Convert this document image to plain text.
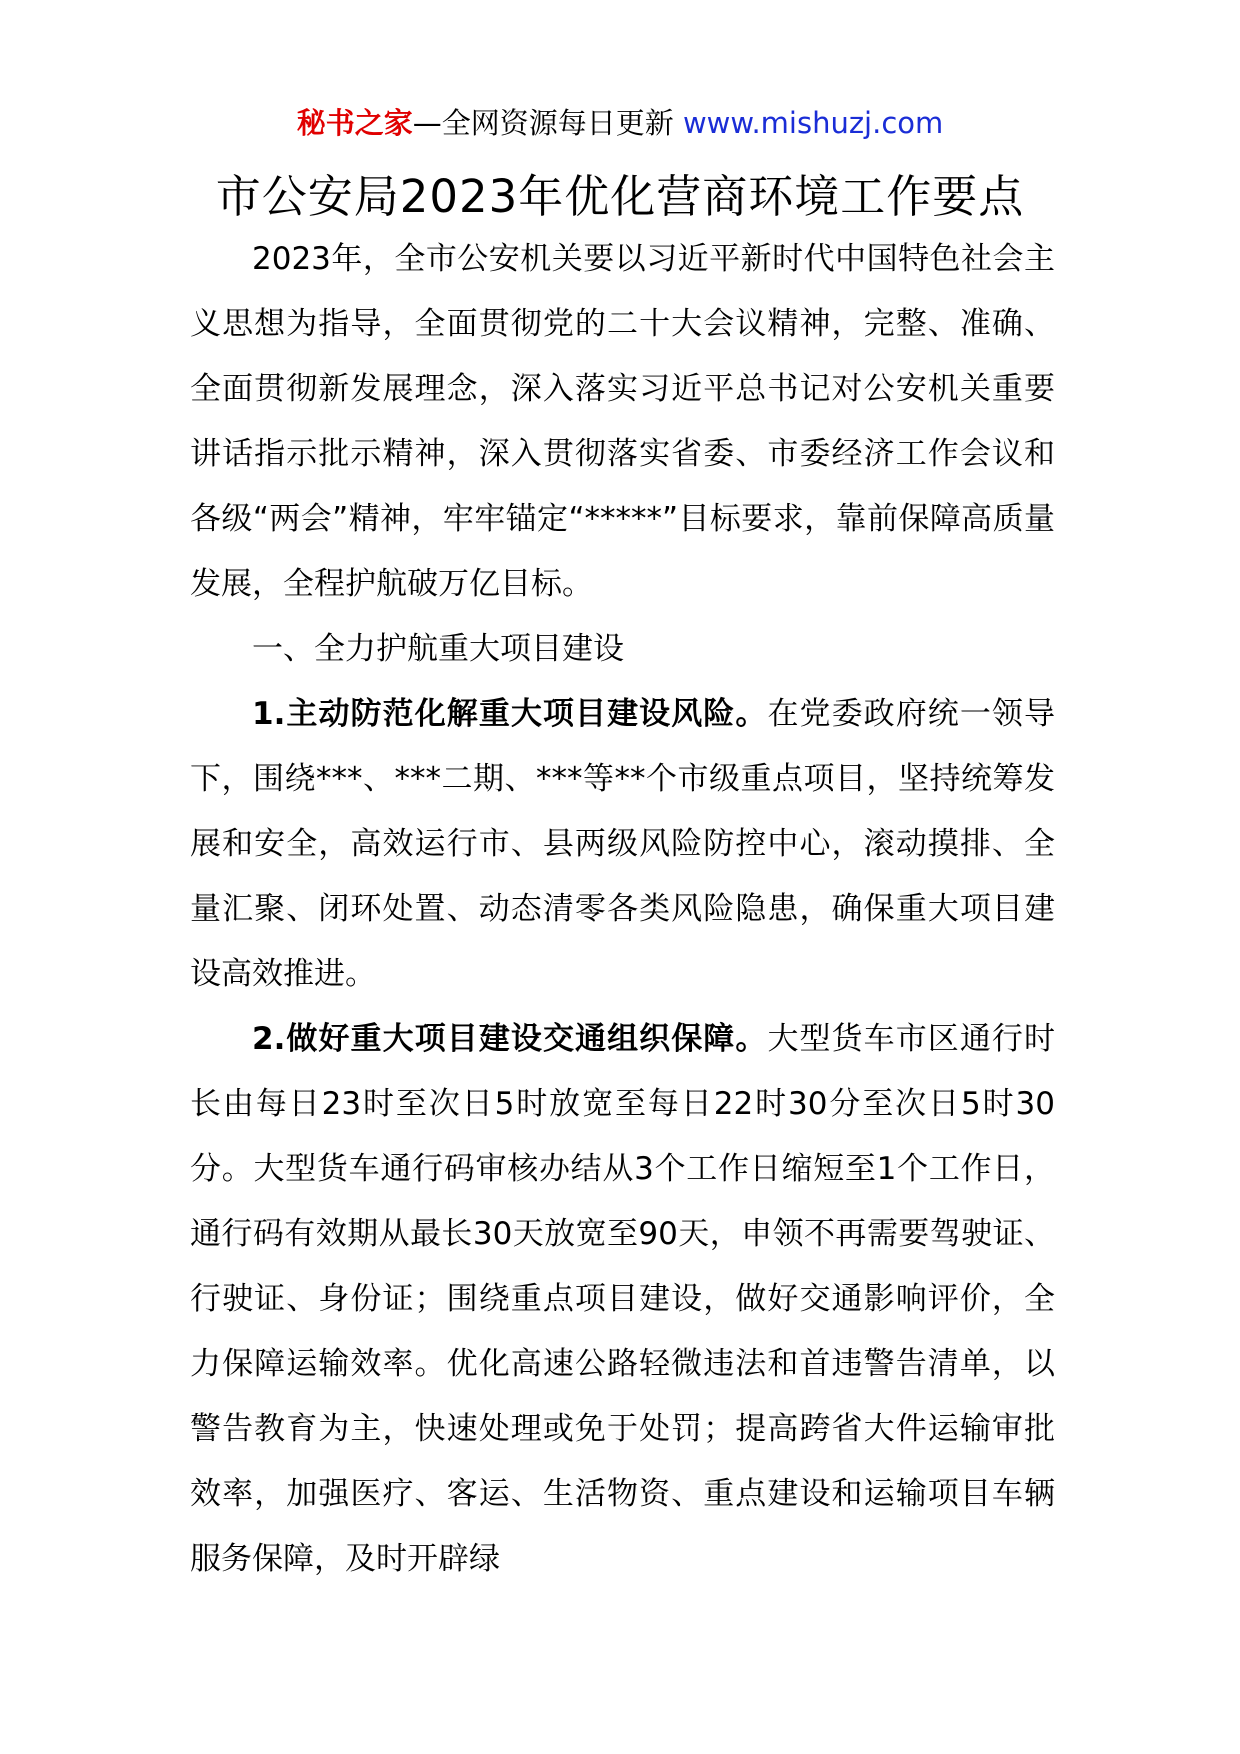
秘书之家—全网资源每日更新 www.mishuzj.com
市公安局2023年优化营商环境工作要点

2023年，全市公安机关要以习近平新时代中国特色社会主义思想为指导，全面贯彻党的二十大会议精神，完整、准确、全面贯彻新发展理念，深入落实习近平总书记对公安机关重要讲话指示批示精神，深入贯彻落实省委、市委经济工作会议和各级“两会”精神，牢牢锚定“*****”目标要求，靠前保障高质量发展，全程护航破万亿目标。

一、全力护航重大项目建设

1.主动防范化解重大项目建设风险。在党委政府统一领导下，围绕***、***二期、***等**个市级重点项目，坚持统筹发展和安全，高效运行市、县两级风险防控中心，滚动摸排、全量汇聚、闭环处置、动态清零各类风险隐患，确保重大项目建设高效推进。

2.做好重大项目建设交通组织保障。大型货车市区通行时长由每日23时至次日5时放宽至每日22时30分至次日5时30分。大型货车通行码审核办结从3个工作日缩短至1个工作日，通行码有效期从最长30天放宽至90天，申领不再需要驾驶证、行驶证、身份证；围绕重点项目建设，做好交通影响评价，全力保障运输效率。优化高速公路轻微违法和首违警告清单，以警告教育为主，快速处理或免于处罚；提高跨省大件运输审批效率，加强医疗、客运、生活物资、重点建设和运输项目车辆服务保障，及时开辟绿
